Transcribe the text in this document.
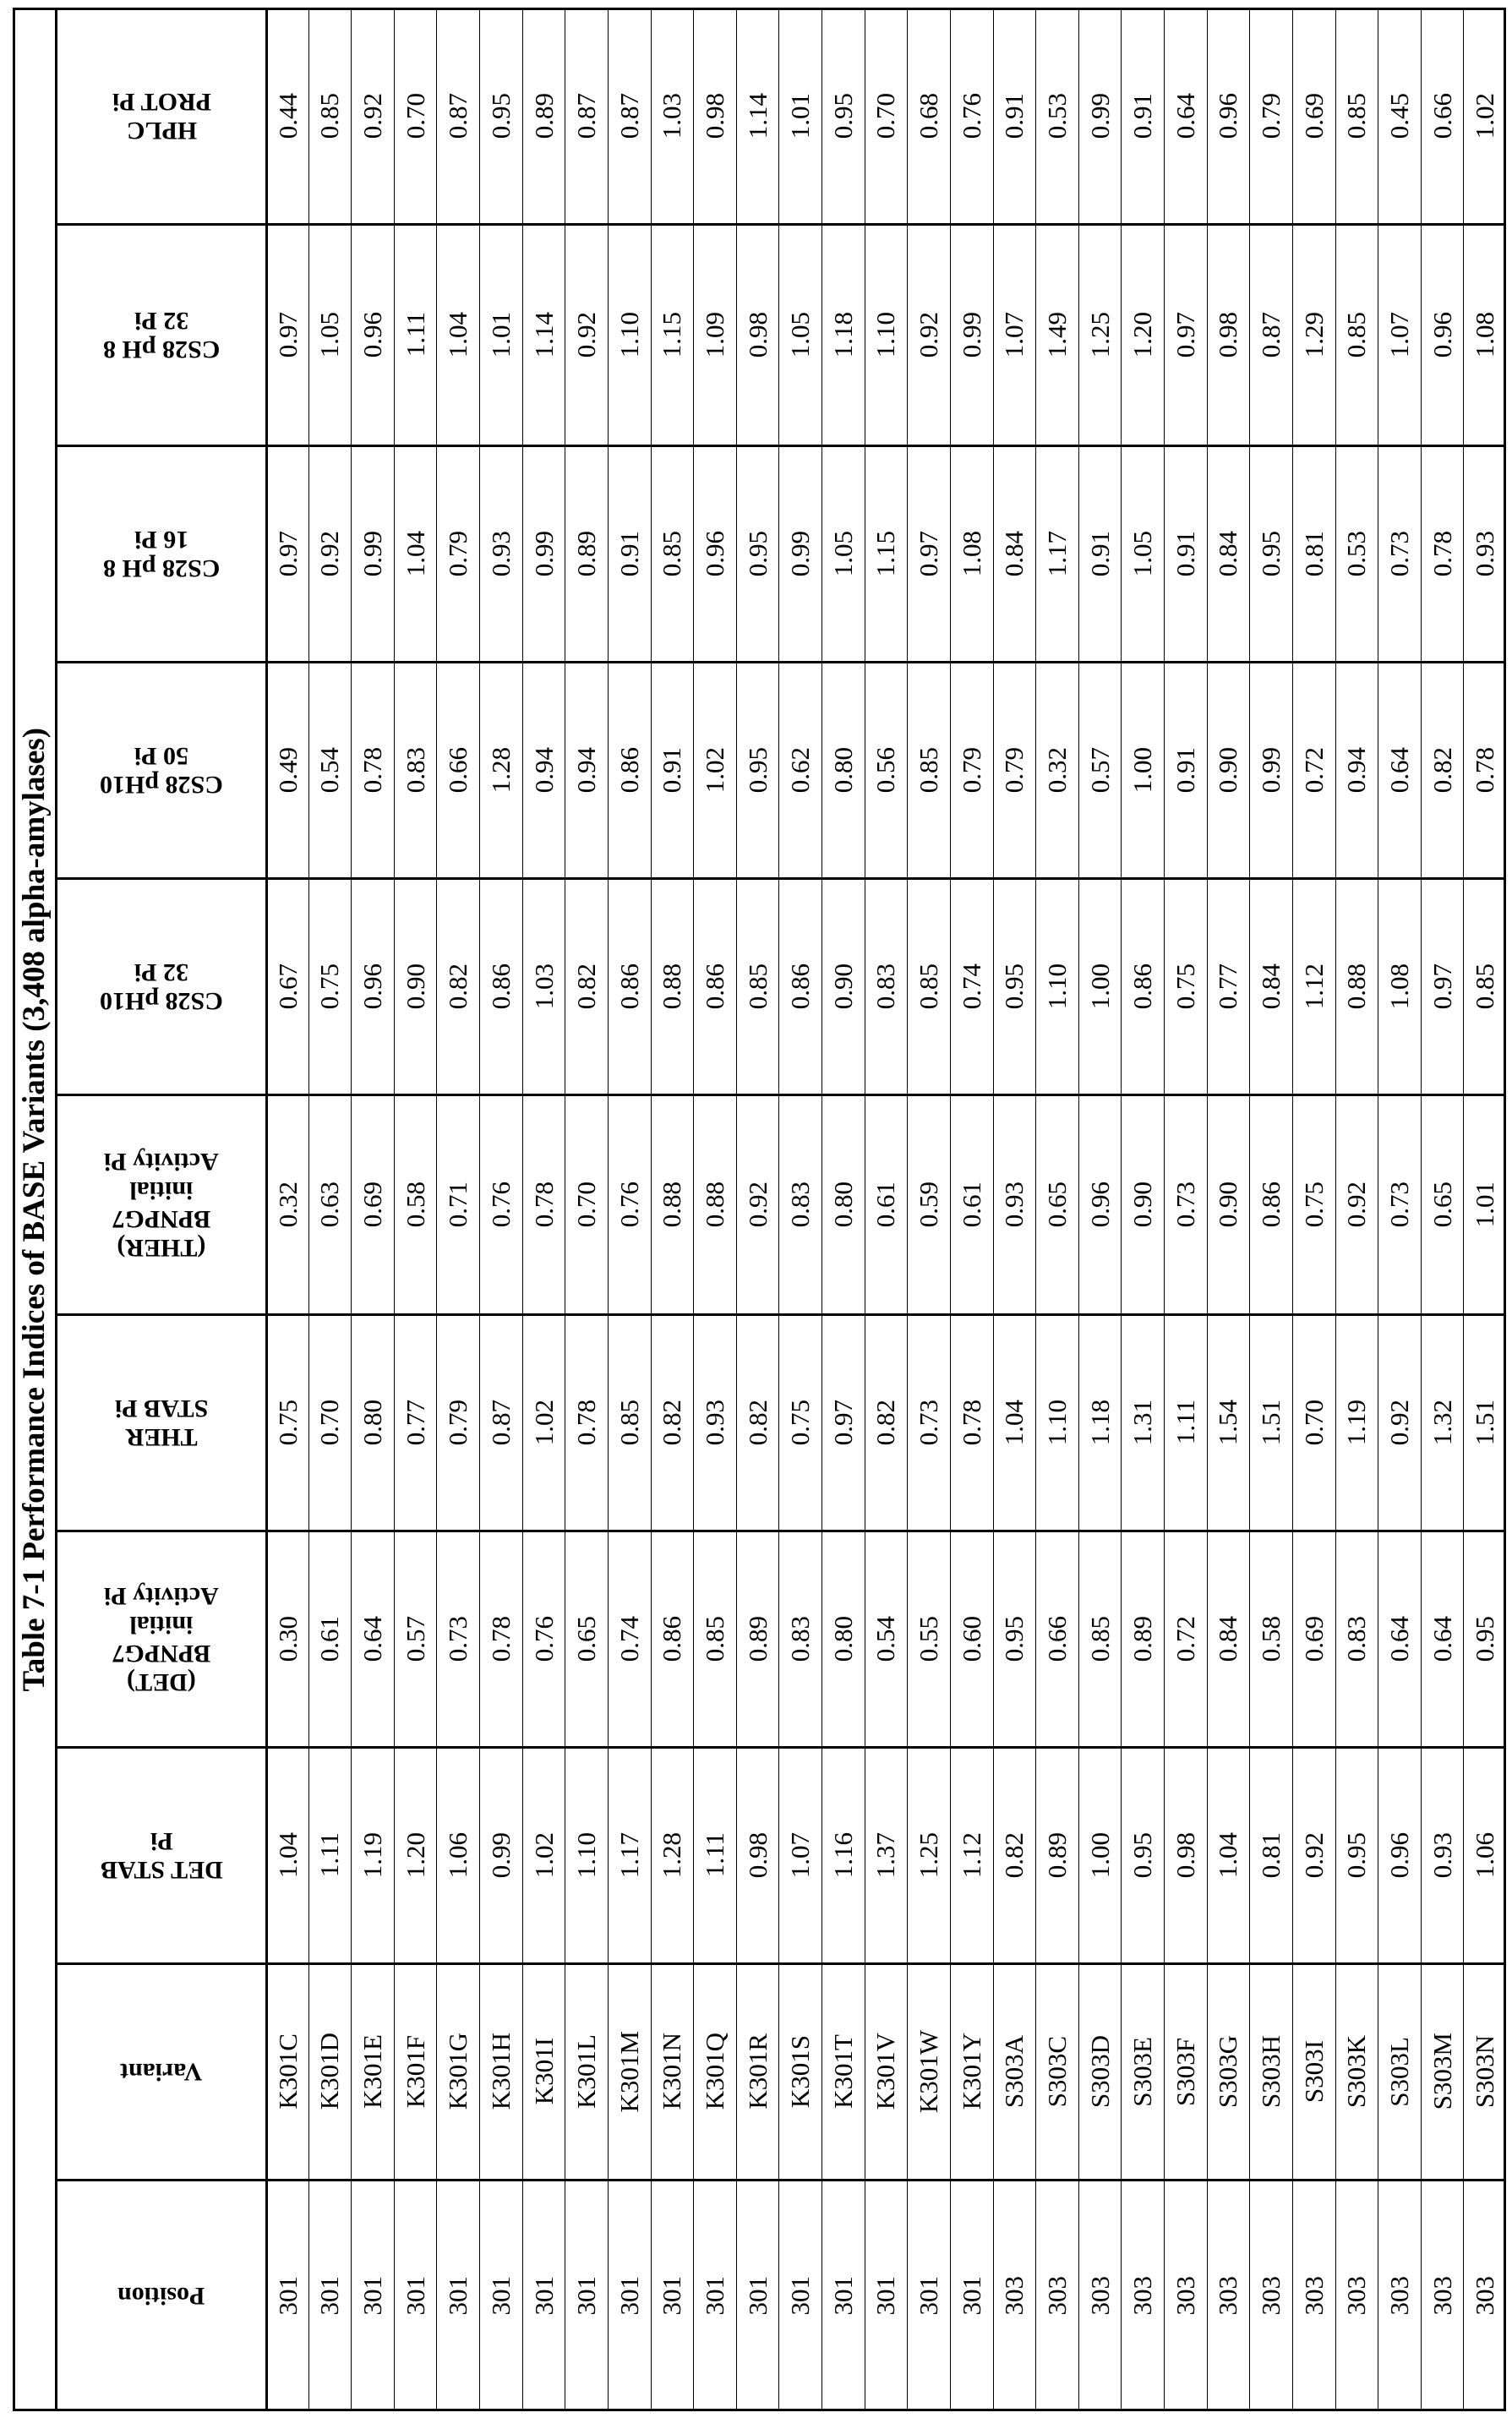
Table 7-1 Performance Indices of BASE Variants (3,408 alpha-amylases)
HPLC
PROT Pi	0.44 0.85 0.92 0.70 0.87 0.95 0.89 0.87 0.87 1.03 0.98 1.14 1.01 0.95 0.70 0.68 0.76 0.91 0.53 0.99 0.91 0.64 0.96 0.79 0.69 0.85 0.45 0.66 1.02
CS28 pH 8
32 Pi	0.97 1.05 0.96 1.11 1.04 1.01 1.14 0.92 1.10 1.15 1.09 0.98 1.05 1.18 1.10 0.92 0.99 1.07 1.49 1.25 1.20 0.97 0.98 0.87 1.29 0.85 1.07 0.96 1.08
CS28 pH 8
16 Pi	0.97 0.92 0.99 1.04 0.79 0.93 0.99 0.89 0.91 0.85 0.96 0.95 0.99 1.05 1.15 0.97 1.08 0.84 1.17 0.91 1.05 0.91 0.84 0.95 0.81 0.53 0.73 0.78 0.93
CS28 pH10
50 Pi	0.49 0.54 0.78 0.83 0.66 1.28 0.94 0.94 0.86 0.91 1.02 0.95 0.62 0.80 0.56 0.85 0.79 0.79 0.32 0.57 1.00 0.91 0.90 0.99 0.72 0.94 0.64 0.82 0.78
CS28 pH10
32 Pi	0.67 0.75 0.96 0.90 0.82 0.86 1.03 0.82 0.86 0.88 0.86 0.85 0.86 0.90 0.83 0.85 0.74 0.95 1.10 1.00 0.86 0.75 0.77 0.84 1.12 0.88 1.08 0.97 0.85
(THER)
BPNPG7
initial
Activity Pi
0.32 0.63 0.69 0.58 0.71 0.76 0.78 0.70 0.76 0.88 0.88 0.92 0.83 0.80 0.61 0.59 0.61 0.93 0.65 0.96 0.90 0.73 0.90 0.86 0.75 0.92 0.73 0.65 1.01
THER
STAB Pi	0.75 0.70 0.80 0.77 0.79 0.87 1.02 0.78 0.85 0.82 0.93 0.82 0.75 0.97 0.82 0.73 0.78 1.04 1.10 1.18 1.31 1.11 1.54 1.51 0.70 1.19 0.92 1.32 1.51
(DET)
BPNPG7
initial
Activity Pi
0.30 0.61 0.64 0.57 0.73 0.78 0.76 0.65 0.74 0.86 0.85 0.89 0.83 0.80 0.54 0.55 0.60 0.95 0.66 0.85 0.89 0.72 0.84 0.58 0.69 0.83 0.64 0.64 0.95
DET STAB
Pi	1.04 1.11 1.19 1.20 1.06 0.99 1.02 1.10 1.17 1.28 1.11 0.98 1.07 1.16 1.37 1.25 1.12 0.82 0.89 1.00 0.95 0.98 1.04 0.81 0.92 0.95 0.96 0.93 1.06
Variant	K301C K301D K301E K301F K301G K301H K301I K301L K301M K301N K301Q K301R K301S K301T K301V K301W K301Y S303A S303C S303D S303E S303F S303G S303H S303I S303K S303L S303M S303N
Position	301 301 301 301 301 301 301 301 301 301 301 301 301 301 301 301 301 303 303 303 303 303 303 303 303 303 303 303 303
